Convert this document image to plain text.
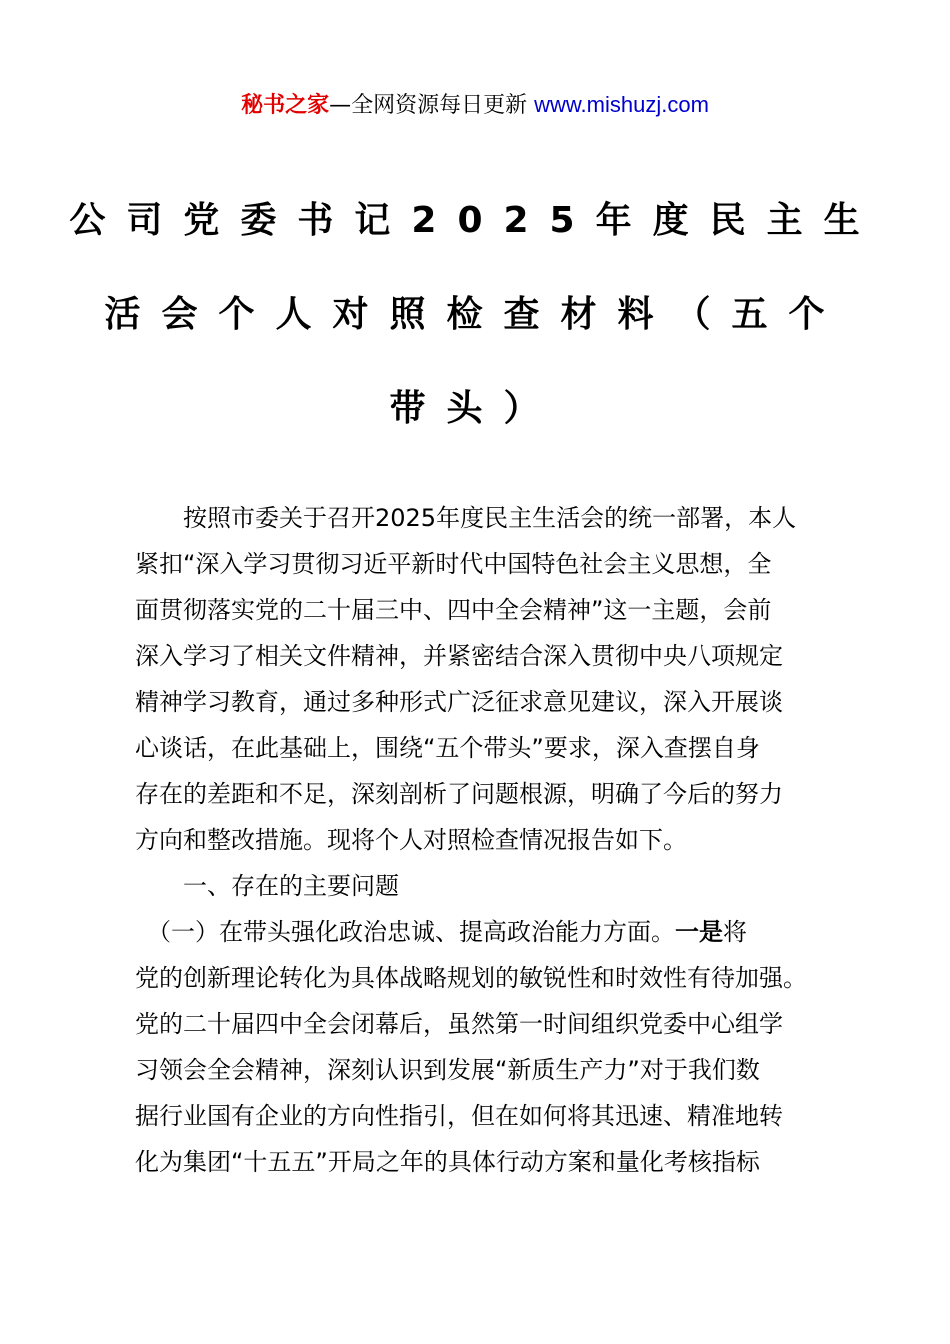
秘书之家—全网资源每日更新 www.mishuzj.com
公司党委书记2025年度民主生
活会个人对照检查材料（五个
带头）
　　按照市委关于召开2025年度民主生活会的统一部署，本人
紧扣“深入学习贯彻习近平新时代中国特色社会主义思想，全
面贯彻落实党的二十届三中、四中全会精神”这一主题，会前
深入学习了相关文件精神，并紧密结合深入贯彻中央八项规定
精神学习教育，通过多种形式广泛征求意见建议，深入开展谈
心谈话，在此基础上，围绕“五个带头”要求，深入查摆自身
存在的差距和不足，深刻剖析了问题根源，明确了今后的努力
方向和整改措施。现将个人对照检查情况报告如下。
　　一、存在的主要问题
　（一）在带头强化政治忠诚、提高政治能力方面。一是将
党的创新理论转化为具体战略规划的敏锐性和时效性有待加强。
党的二十届四中全会闭幕后，虽然第一时间组织党委中心组学
习领会全会精神，深刻认识到发展“新质生产力”对于我们数
据行业国有企业的方向性指引，但在如何将其迅速、精准地转
化为集团“十五五”开局之年的具体行动方案和量化考核指标
